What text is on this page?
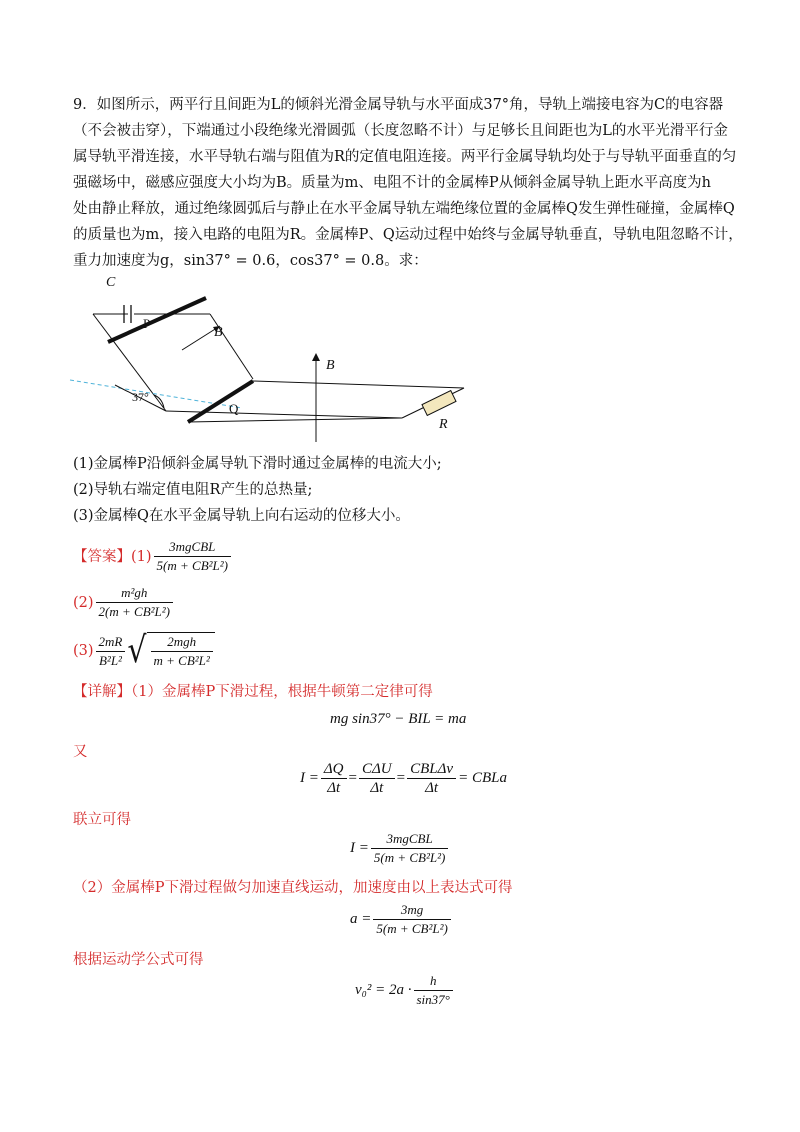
9．如图所示，两平行且间距为L的倾斜光滑金属导轨与水平面成37°角，导轨上端接电容为C的电容器
（不会被击穿），下端通过小段绝缘光滑圆弧（长度忽略不计）与足够长且间距也为L的水平光滑平行金
属导轨平滑连接，水平导轨右端与阻值为R的定值电阻连接。两平行金属导轨均处于与导轨平面垂直的匀
强磁场中，磁感应强度大小均为B。质量为m、电阻不计的金属棒P从倾斜金属导轨上距水平高度为h
处由静止释放，通过绝缘圆弧后与静止在水平金属导轨左端绝缘位置的金属棒Q发生弹性碰撞，金属棒Q
的质量也为m，接入电路的电阻为R。金属棒P、Q运动过程中始终与金属导轨垂直，导轨电阻忽略不计，
重力加速度为g，sin37° = 0.6，cos37° = 0.8。求：
C
P
B
B
37°
Q
R
(1)金属棒P沿倾斜金属导轨下滑时通过金属棒的电流大小;
(2)导轨右端定值电阻R产生的总热量;
(3)金属棒Q在水平金属导轨上向右运动的位移大小。
【答案】 $(1) \frac{\text{3mgCBL}}{\text{5(m + CB²L²)}}$
$(2) \frac{\text{m²gh}}{\text{2(m + CB²L²)}}$
$(3) \frac{2mR}{\text{B²L²}}$ √ $\frac{\text{2mgh}}{\text{m + CB²L²}}$
【详解】（1）金属棒P下滑过程，根据牛顿第二定律可得
mg sin37° − BIL = ma
又
$I = \frac{\Delta Q}{\Delta t} = \frac{\text{CΔU}}{\Delta t} = \frac{\text{CBLΔv}}{\Delta t}$ = CBLa
联立可得
$I = \frac{\text{3mgCBL}}{\text{5(m + CB²L²)}}$
（2）金属棒P下滑过程做匀加速直线运动，加速度由以上表达式可得
$a = \frac{3mg}{\text{5(m + CB²L²)}}$
根据运动学公式可得
$v_0^2 = 2a \cdot \frac{h}{\sin 37^\circ}$
